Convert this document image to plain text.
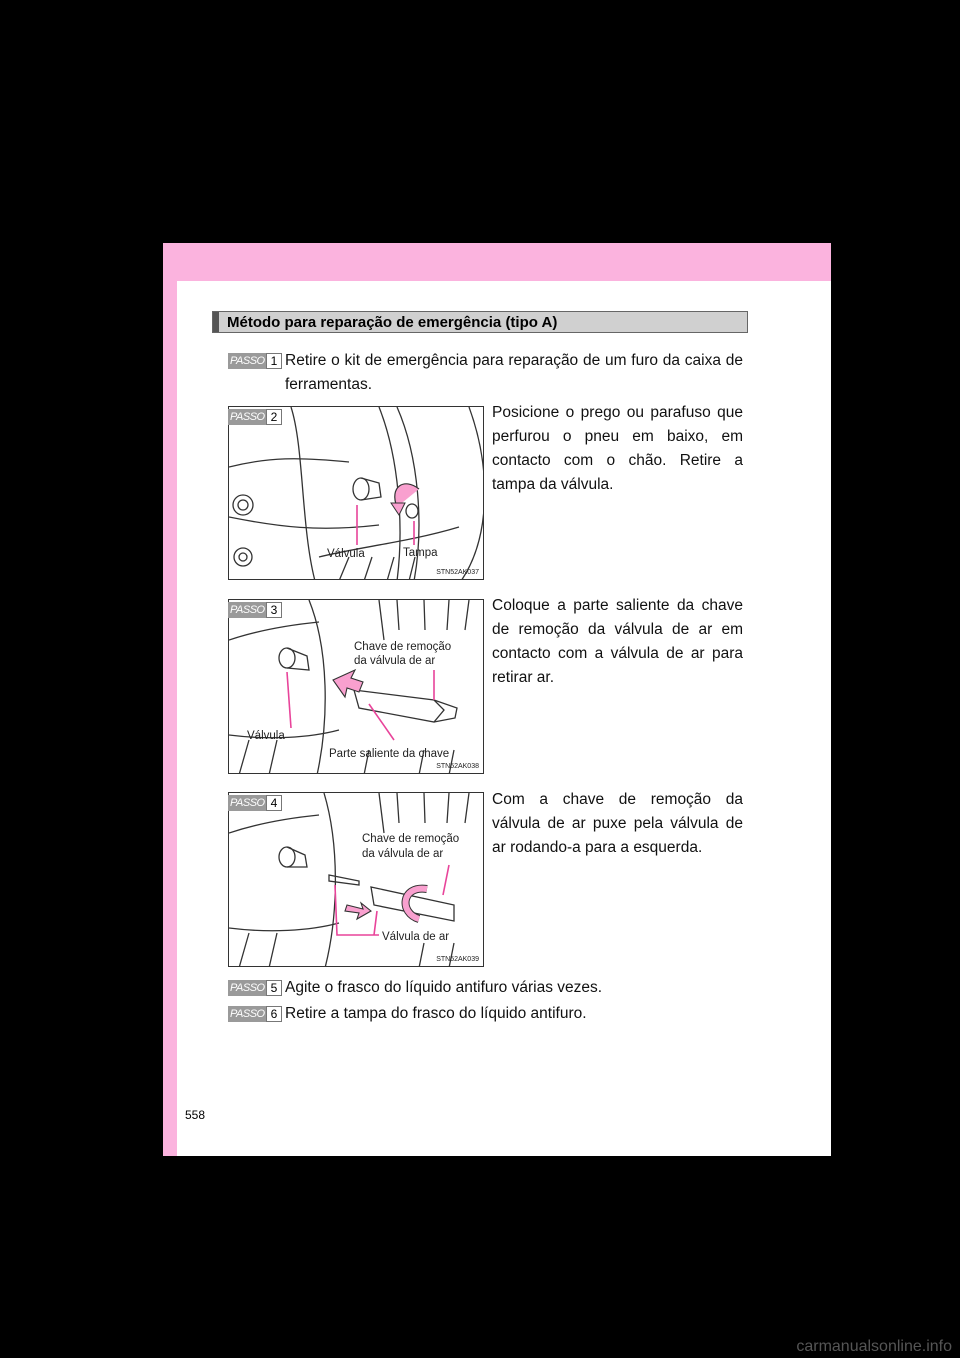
Método para reparação de emergência (tipo A)
PASSO 1 Retire o kit de emergência para reparação de um furo da caixa de ferramentas.
Válvula	Tampa
STN52AK037
PASSO 2	Posicione o prego ou parafuso que perfurou o pneu em baixo, em contacto com o chão. Retire a tampa da válvula.
Chave de remoção
da válvula de ar
Válvula
Parte saliente da chave
STN52AK038
PASSO 3	Coloque a parte saliente da chave de remoção da válvula de ar em contacto com a válvula de ar para retirar ar.
Chave de remoção
da válvula de ar
Válvula de ar
STN52AK039
PASSO 4	Com a chave de remoção da válvula de ar puxe pela válvula de ar rodando-a para a esquerda.
PASSO 5 Agite o frasco do líquido antifuro várias vezes.
PASSO 6 Retire a tampa do frasco do líquido antifuro.
558
carmanualsonline.info
